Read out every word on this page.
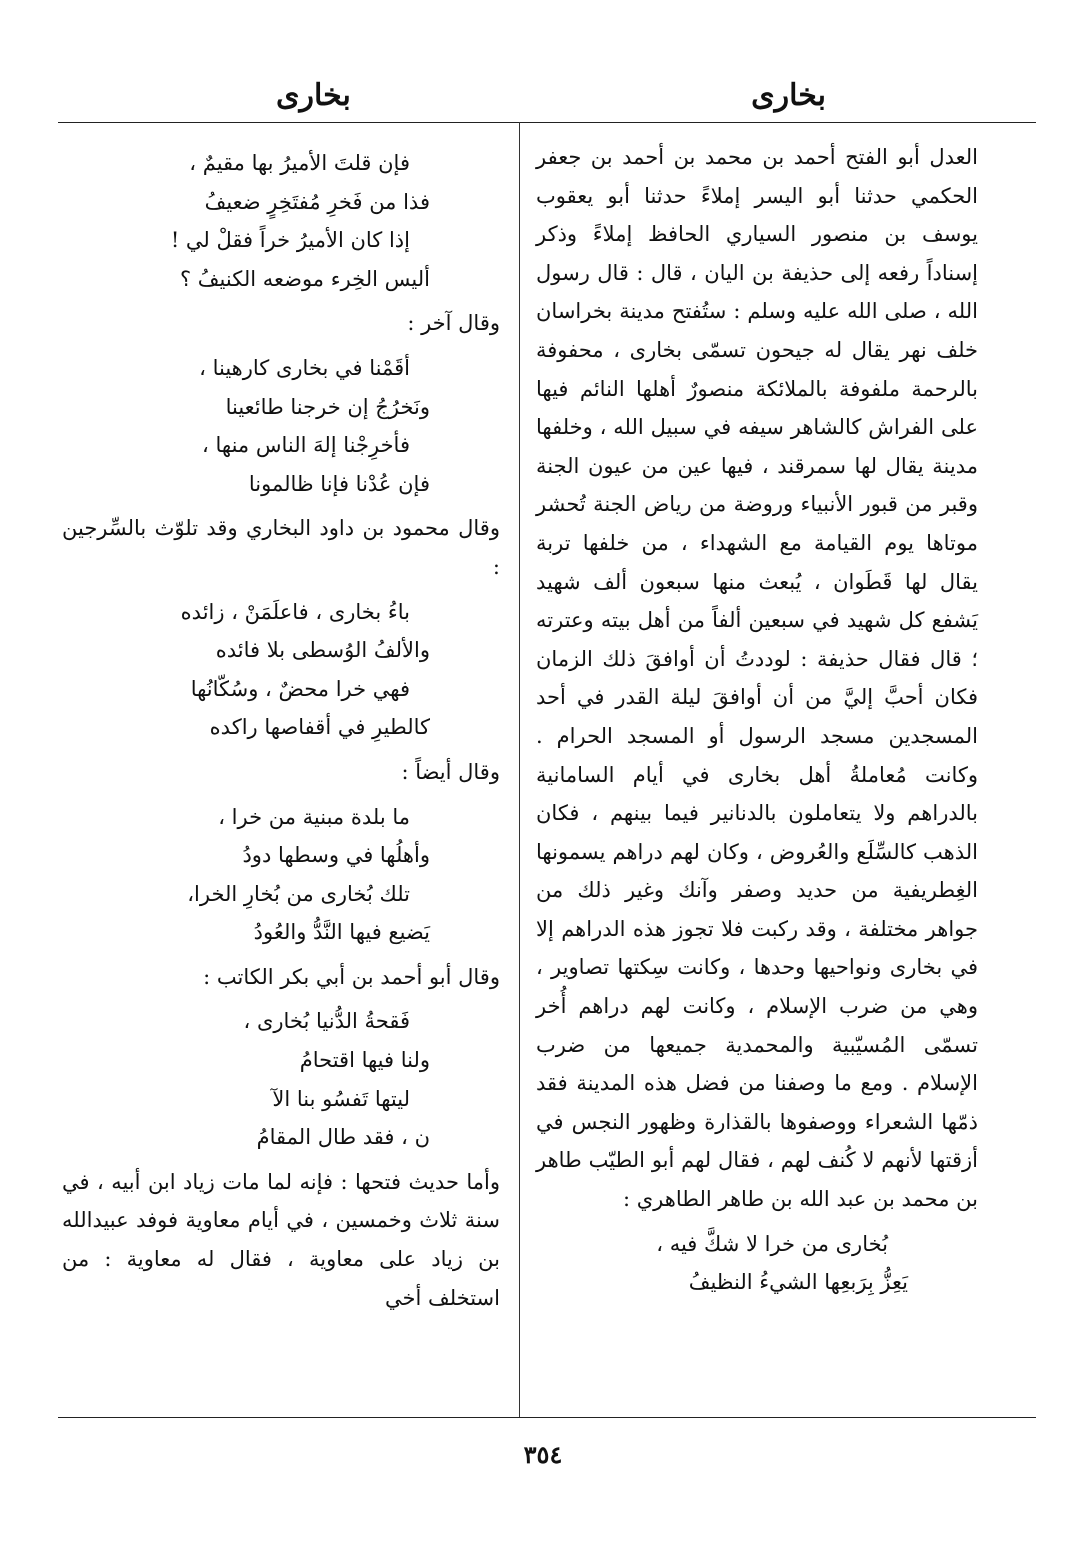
بخارى
بخارى

العدل أبو الفتح أحمد بن محمد بن أحمد بن جعفر الحكمي حدثنا أبو اليسر إملاءً حدثنا أبو يعقوب يوسف بن منصور السياري الحافظ إملاءً وذكر إسناداً رفعه إلى حذيفة بن اليان ، قال : قال رسول الله ، صلى الله عليه وسلم : ستُفتح مدينة بخراسان خلف نهر يقال له جيحون تسمّى بخارى ، محفوفة بالرحمة ملفوفة بالملائكة منصورٌ أهلها النائم فيها على الفراش كالشاهر سيفه في سبيل الله ، وخلفها مدينة يقال لها سمرقند ، فيها عين من عيون الجنة وقبر من قبور الأنبياء وروضة من رياض الجنة تُحشر موتاها يوم القيامة مع الشهداء ، من خلفها تربة يقال لها قَطَوان ، يُبعث منها سبعون ألف شهيد يَشفع كل شهيد في سبعين ألفاً من أهل بيته وعترته ؛ قال فقال حذيفة : لوددتُ أن أوافقَ ذلك الزمان فكان أحبَّ إليَّ من أن أوافقَ ليلة القدر في أحد المسجدين مسجد الرسول أو المسجد الحرام . وكانت مُعاملةُ أهل بخارى في أيام السامانية بالدراهم ولا يتعاملون بالدنانير فيما بينهم ، فكان الذهب كالسِّلَع والعُروض ، وكان لهم دراهم يسمونها الغِطريفية من حديد وصفر وآنك وغير ذلك من جواهر مختلفة ، وقد ركبت فلا تجوز هذه الدراهم إلا في بخارى ونواحيها وحدها ، وكانت سِكتها تصاوير ، وهي من ضرب الإسلام ، وكانت لهم دراهم أُخر تسمّى المُسيّبية والمحمدية جميعها من ضرب الإسلام . ومع ما وصفنا من فضل هذه المدينة فقد ذمّها الشعراء ووصفوها بالقذارة وظهور النجس في أزقتها لأنهم لا كُنف لهم ، فقال لهم أبو الطيّب طاهر بن محمد بن عبد الله بن طاهر الطاهري :

بُخارى من خرا لا شكَّ فيه ،
يَعِزُّ بِرَبعِها الشيءُ النظيفُ
فإن قلتَ الأميرُ بها مقيمٌ ،
فذا من فَخرِ مُفتَخِرٍ ضعيفُ
إذا كان الأميرُ خراً فقلْ لي !
أليس الخِرء موضعه الكنيفُ ؟

وقال آخر :

أقَمْنا في بخارى كارهينا ،
ونَخرُجُ إن خرجنا طائعينا
فأخرِجْنا إلهَ الناس منها ،
فإن عُدْنا فإنا ظالمونا

وقال محمود بن داود البخاري وقد تلوّث بالسِّرجين :

باءُ بخارى ، فاعلَمَنْ ، زائده
والألفُ الوُسطى بلا فائده
فهي خرا محضٌ ، وسُكّانُها
كالطيرِ في أقفاصها راكده

وقال أيضاً :

ما بلدة مبنية من خرا ،
وأهلُها في وسطها دودُ
تلك بُخارى من بُخارِ الخرا،
يَضيع فيها النَّدُّ والعُودُ

وقال أبو أحمد بن أبي بكر الكاتب :

فَقحةُ الدُّنيا بُخارى ،
ولنا فيها اقتحامُ
ليتها تَفسُو بنا الآ
ن ، فقد طال المقامُ

وأما حديث فتحها : فإنه لما مات زياد ابن أبيه ، في سنة ثلاث وخمسين ، في أيام معاوية فوفد عبيدالله بن زياد على معاوية ، فقال له معاوية : من استخلف أخي

٣٥٤
